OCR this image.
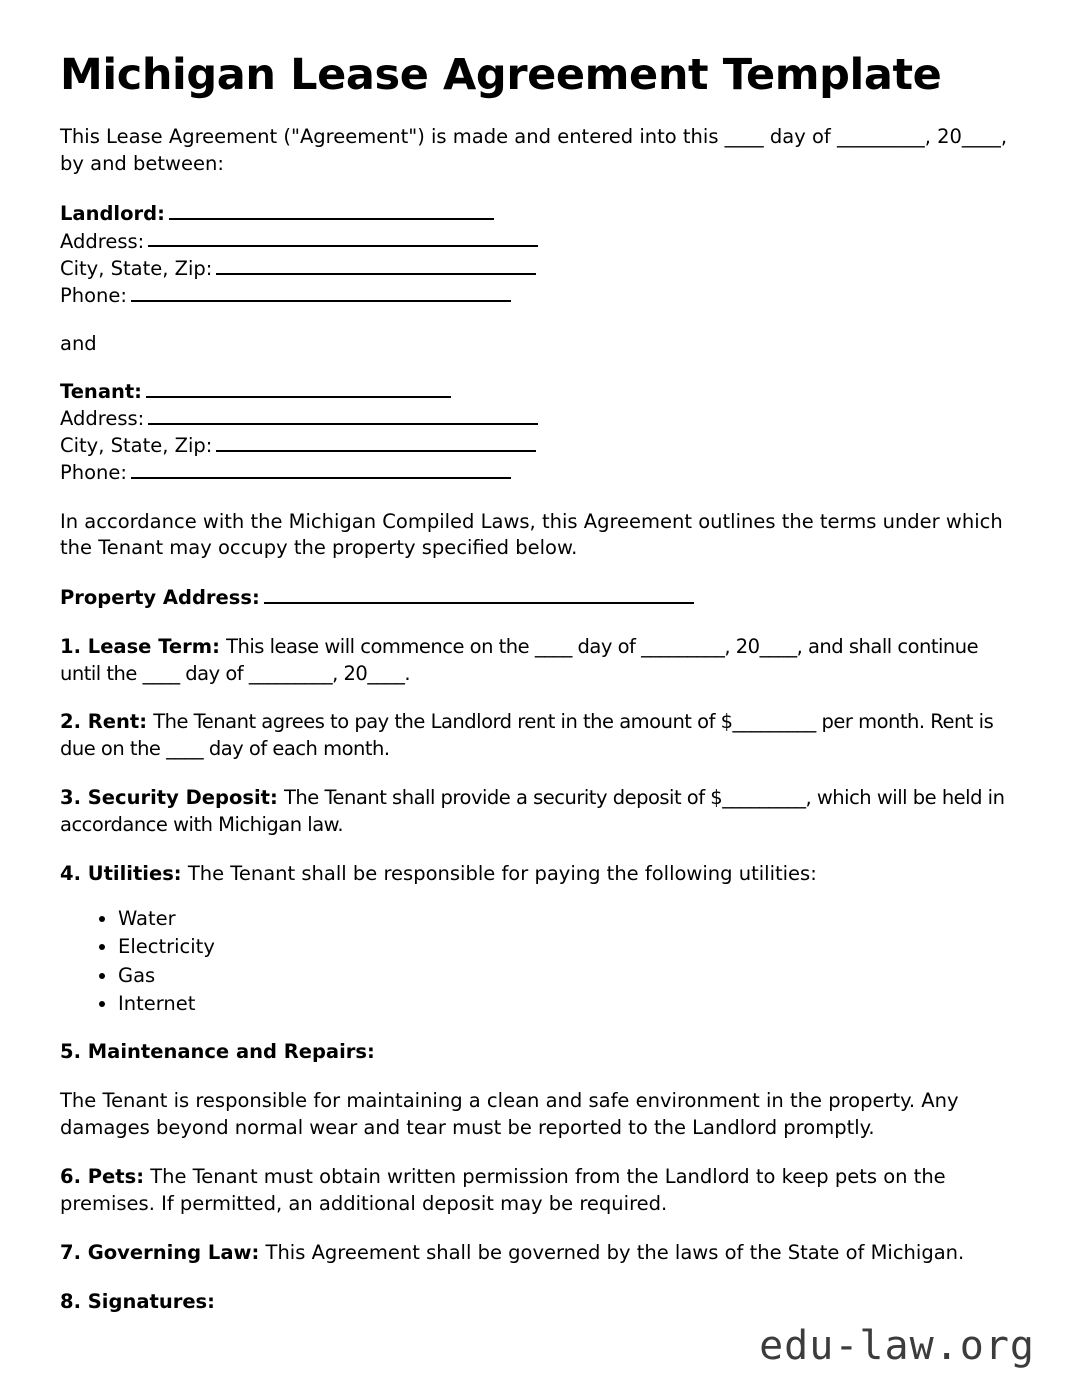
Michigan Lease Agreement Template

This Lease Agreement ("Agreement") is made and entered into this ____ day of _________, 20____, by and between:

Landlord:
Address:
City, State, Zip:
Phone:
and
Tenant:
Address:
City, State, Zip:
Phone:

In accordance with the Michigan Compiled Laws, this Agreement outlines the terms under which the Tenant may occupy the property specified below.

Property Address:

1. Lease Term: This lease will commence on the ____ day of _________, 20____, and shall continue until the ____ day of _________, 20____.

2. Rent: The Tenant agrees to pay the Landlord rent in the amount of $_________ per month. Rent is due on the ____ day of each month.

3. Security Deposit: The Tenant shall provide a security deposit of $_________, which will be held in accordance with Michigan law.

4. Utilities: The Tenant shall be responsible for paying the following utilities:

• Water
• Electricity
• Gas
• Internet

5. Maintenance and Repairs:

The Tenant is responsible for maintaining a clean and safe environment in the property. Any damages beyond normal wear and tear must be reported to the Landlord promptly.

6. Pets: The Tenant must obtain written permission from the Landlord to keep pets on the premises. If permitted, an additional deposit may be required.

7. Governing Law: This Agreement shall be governed by the laws of the State of Michigan.

8. Signatures:

edu-law.org
